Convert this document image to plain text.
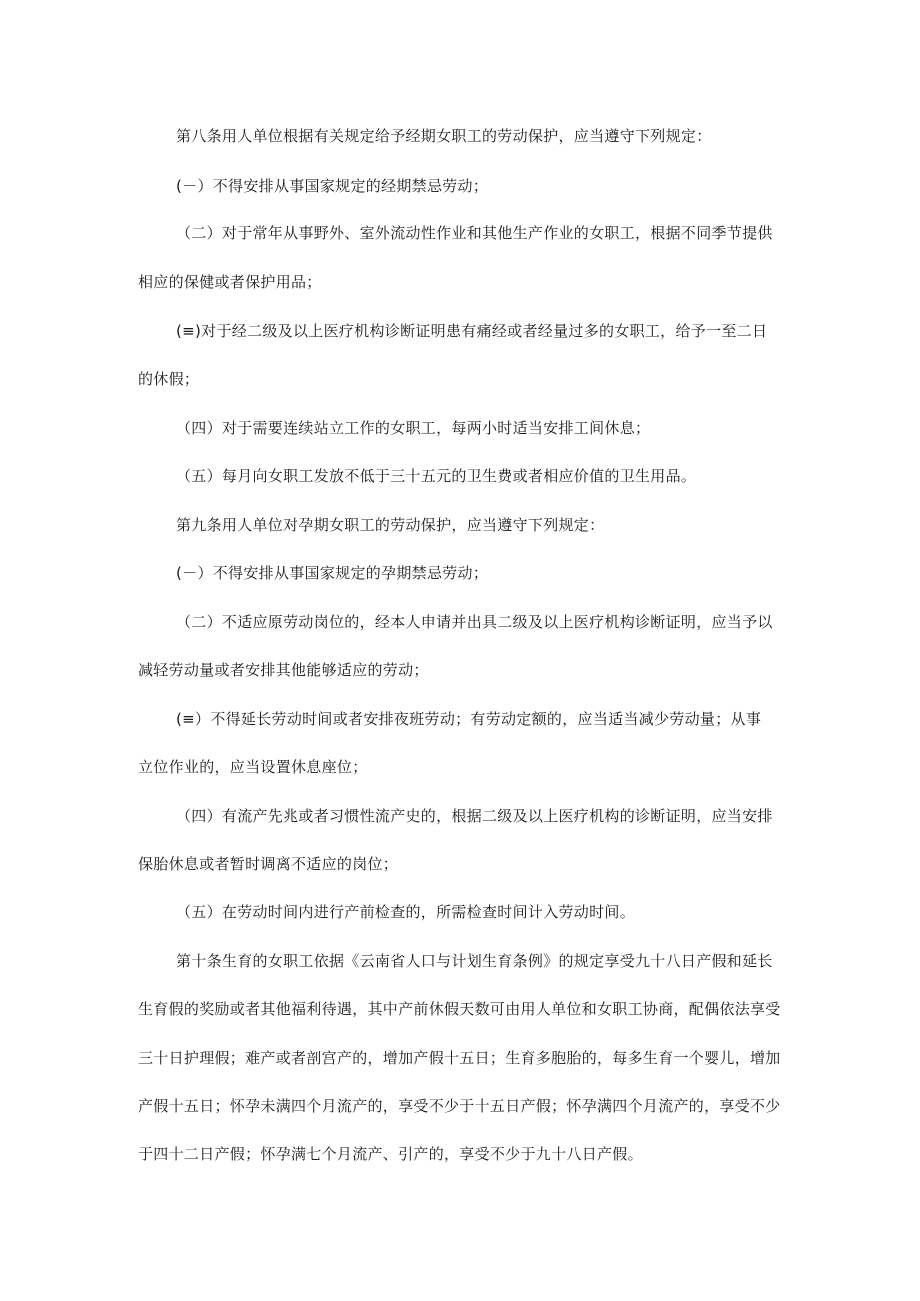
第八条用人单位根据有关规定给予经期女职工的劳动保护，应当遵守下列规定：
(－）不得安排从事国家规定的经期禁忌劳动；
（二）对于常年从事野外、室外流动性作业和其他生产作业的女职工，根据不同季节提供
相应的保健或者保护用品；
(≡)对于经二级及以上医疗机构诊断证明患有痛经或者经量过多的女职工，给予一至二日
的休假；
（四）对于需要连续站立工作的女职工，每两小时适当安排工间休息；
（五）每月向女职工发放不低于三十五元的卫生费或者相应价值的卫生用品。
第九条用人单位对孕期女职工的劳动保护，应当遵守下列规定：
(－）不得安排从事国家规定的孕期禁忌劳动；
（二）不适应原劳动岗位的，经本人申请并出具二级及以上医疗机构诊断证明，应当予以
减轻劳动量或者安排其他能够适应的劳动；
(≡）不得延长劳动时间或者安排夜班劳动；有劳动定额的，应当适当减少劳动量；从事
立位作业的，应当设置休息座位；
（四）有流产先兆或者习惯性流产史的，根据二级及以上医疗机构的诊断证明，应当安排
保胎休息或者暂时调离不适应的岗位；
（五）在劳动时间内进行产前检查的，所需检查时间计入劳动时间。
第十条生育的女职工依据《云南省人口与计划生育条例》的规定享受九十八日产假和延长
生育假的奖励或者其他福利待遇，其中产前休假天数可由用人单位和女职工协商，配偶依法享受
三十日护理假；难产或者剖宫产的，增加产假十五日；生育多胞胎的，每多生育一个婴儿，增加
产假十五日；怀孕未满四个月流产的，享受不少于十五日产假；怀孕满四个月流产的，享受不少
于四十二日产假；怀孕满七个月流产、引产的，享受不少于九十八日产假。
